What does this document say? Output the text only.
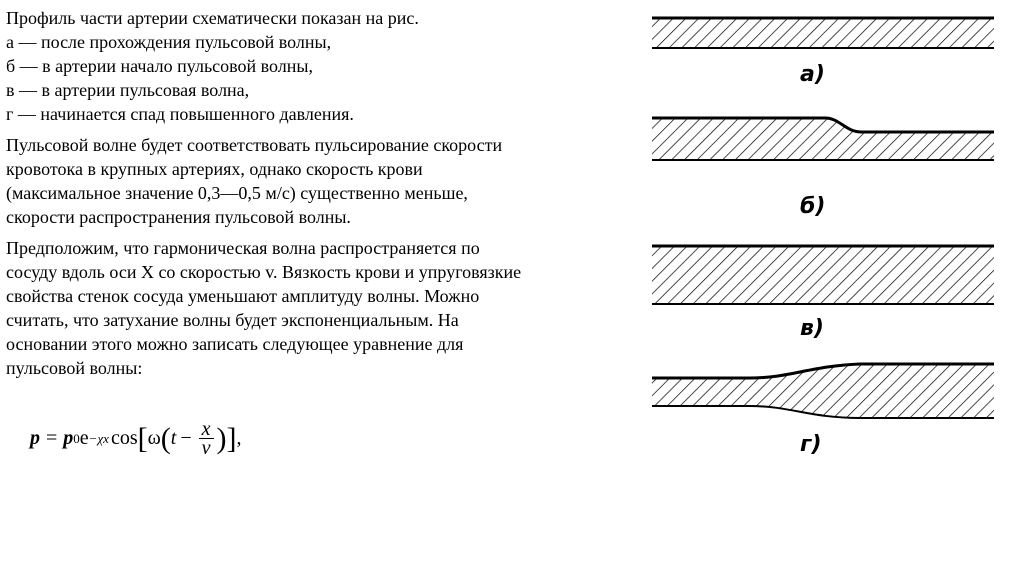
Профиль части артерии схематически показан на рис.
а — после прохождения пульсовой волны,
б — в артерии начало пульсовой волны,
в — в артерии пульсовая волна,
г — начинается спад повышенного давления.
Пульсовой волне будет соответствовать пульсирование скорости
кровотока в крупных артериях, однако скорость крови
(максимальное значение 0,3—0,5 м/с) существенно меньше,
скорости распространения пульсовой волны.
Предположим, что гармоническая волна распространяется по
сосуду вдоль оси X со скоростью v. Вязкость крови и упруговязкие
свойства стенок сосуда уменьшают амплитуду волны. Можно
считать, что затухание волны будет экспоненциальным. На
основании этого можно записать следующее уравнение для
пульсовой волны:
p = p 0 e −χx cos [ ω ( $t - \frac{x}{v}$ ) ] ,
а)
б)
в)
г)
